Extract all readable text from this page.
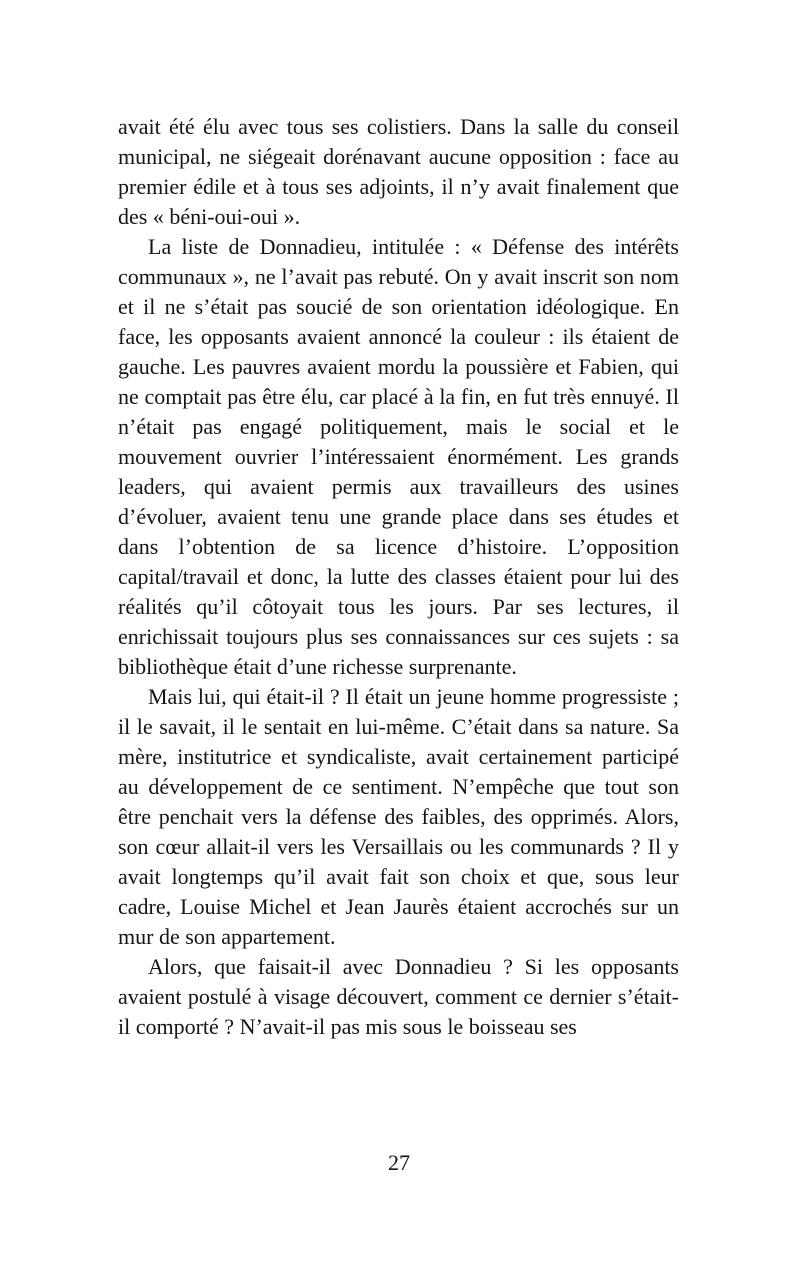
avait été élu avec tous ses colistiers. Dans la salle du conseil municipal, ne siégeait dorénavant aucune opposition : face au premier édile et à tous ses adjoints, il n’y avait finalement que des « béni-oui-oui ».

La liste de Donnadieu, intitulée : « Défense des intérêts communaux », ne l’avait pas rebuté. On y avait inscrit son nom et il ne s’était pas soucié de son orientation idéologique. En face, les opposants avaient annoncé la couleur : ils étaient de gauche. Les pauvres avaient mordu la poussière et Fabien, qui ne comptait pas être élu, car placé à la fin, en fut très ennuyé. Il n’était pas engagé politiquement, mais le social et le mouvement ouvrier l’intéressaient énormément. Les grands leaders, qui avaient permis aux travailleurs des usines d’évoluer, avaient tenu une grande place dans ses études et dans l’obtention de sa licence d’histoire. L’opposition capital/travail et donc, la lutte des classes étaient pour lui des réalités qu’il côtoyait tous les jours. Par ses lectures, il enrichissait toujours plus ses connaissances sur ces sujets : sa bibliothèque était d’une richesse surprenante.

Mais lui, qui était-il ? Il était un jeune homme progressiste ; il le savait, il le sentait en lui-même. C’était dans sa nature. Sa mère, institutrice et syndicaliste, avait certainement participé au développement de ce sentiment. N’empêche que tout son être penchait vers la défense des faibles, des opprimés. Alors, son cœur allait-il vers les Versaillais ou les communards ? Il y avait longtemps qu’il avait fait son choix et que, sous leur cadre, Louise Michel et Jean Jaurès étaient accrochés sur un mur de son appartement.

Alors, que faisait-il avec Donnadieu ? Si les opposants avaient postulé à visage découvert, comment ce dernier s’était-il comporté ? N’avait-il pas mis sous le boisseau ses

27
